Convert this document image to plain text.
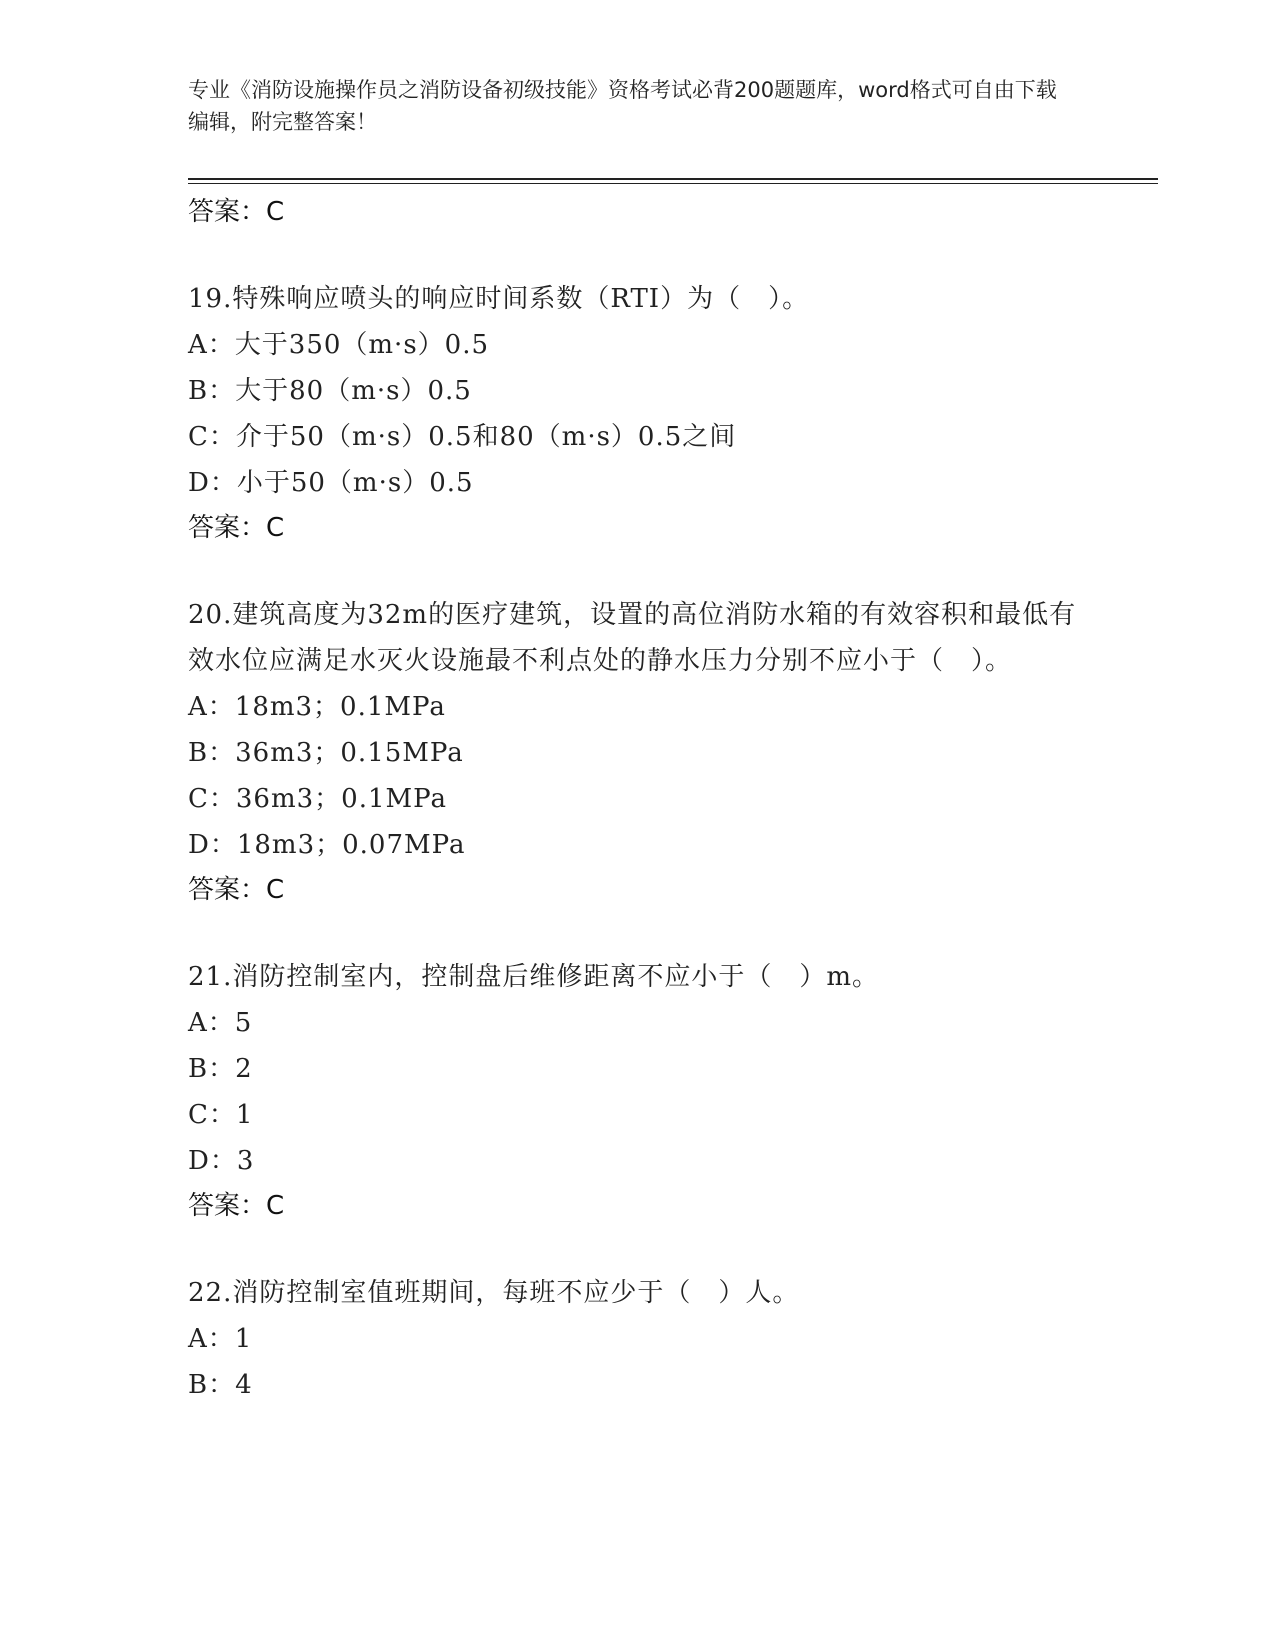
专业《消防设施操作员之消防设备初级技能》资格考试必背200题题库，word格式可自由下载编辑，附完整答案！
答案：C
19.特殊响应喷头的响应时间系数（RTI）为（　）。
A：大于350（m·s）0.5
B：大于80（m·s）0.5
C：介于50（m·s）0.5和80（m·s）0.5之间
D：小于50（m·s）0.5
答案：C
20.建筑高度为32m的医疗建筑，设置的高位消防水箱的有效容积和最低有效水位应满足水灭火设施最不利点处的静水压力分别不应小于（　）。
A：18m3；0.1MPa
B：36m3；0.15MPa
C：36m3；0.1MPa
D：18m3；0.07MPa
答案：C
21.消防控制室内，控制盘后维修距离不应小于（　）m。
A：5
B：2
C：1
D：3
答案：C
22.消防控制室值班期间，每班不应少于（　）人。
A：1
B：4
